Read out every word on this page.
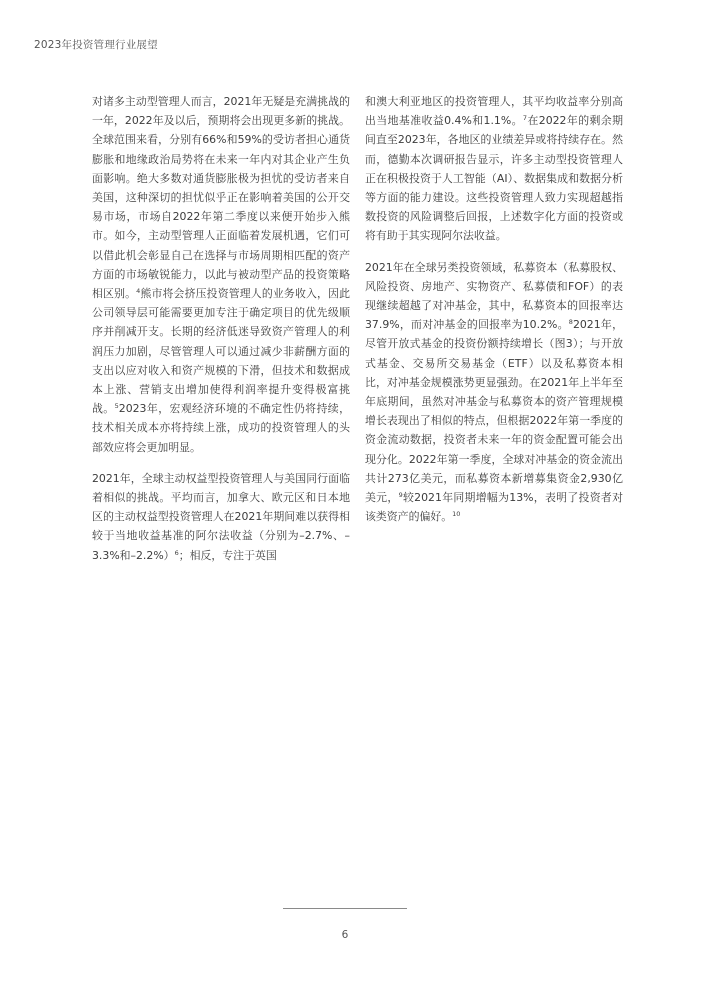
2023年投资管理行业展望

对诸多主动型管理人而言，2021年无疑是充满挑战的一年，2022年及以后，预期将会出现更多新的挑战。全球范围来看，分别有66%和59%的受访者担心通货膨胀和地缘政治局势将在未来一年内对其企业产生负面影响。绝大多数对通货膨胀极为担忧的受访者来自美国，这种深切的担忧似乎正在影响着美国的公开交易市场，市场自2022年第二季度以来便开始步入熊市。如今，主动型管理人正面临着发展机遇，它们可以借此机会彰显自己在选择与市场周期相匹配的资产方面的市场敏锐能力，以此与被动型产品的投资策略相区别。$^4$熊市将会挤压投资管理人的业务收入，因此公司领导层可能需要更加专注于确定项目的优先级顺序并削减开支。长期的经济低迷导致资产管理人的利润压力加剧，尽管管理人可以通过减少非薪酬方面的支出以应对收入和资产规模的下滑，但技术和数据成本上涨、营销支出增加使得利润率提升变得极富挑战。$^5$2023年，宏观经济环境的不确定性仍将持续，技术相关成本亦将持续上涨，成功的投资管理人的头部效应将会更加明显。

2021年，全球主动权益型投资管理人与美国同行面临着相似的挑战。平均而言，加拿大、欧元区和日本地区的主动权益型投资管理人在2021年期间难以获得相较于当地收益基准的阿尔法收益（分别为–2.7%、–3.3%和–2.2%）$^6$；相反，专注于英国

和澳大利亚地区的投资管理人，其平均收益率分别高出当地基准收益0.4%和1.1%。$^7$在2022年的剩余期间直至2023年，各地区的业绩差异或将持续存在。然而，德勤本次调研报告显示，许多主动型投资管理人正在积极投资于人工智能（AI）、数据集成和数据分析等方面的能力建设。这些投资管理人致力实现超越指数投资的风险调整后回报，上述数字化方面的投资或将有助于其实现阿尔法收益。

2021年在全球另类投资领域，私募资本（私募股权、风险投资、房地产、实物资产、私募债和FOF）的表现继续超越了对冲基金，其中，私募资本的回报率达37.9%，而对冲基金的回报率为10.2%。$^8$2021年，尽管开放式基金的投资份额持续增长（图3）；与开放式基金、交易所交易基金（ETF）以及私募资本相比，对冲基金规模涨势更显强劲。在2021年上半年至年底期间，虽然对冲基金与私募资本的资产管理规模增长表现出了相似的特点，但根据2022年第一季度的资金流动数据，投资者未来一年的资金配置可能会出现分化。2022年第一季度，全球对冲基金的资金流出共计273亿美元，而私募资本新增募集资金2,930亿美元，$^9$较2021年同期增幅为13%，表明了投资者对该类资产的偏好。$^{10}$

6
